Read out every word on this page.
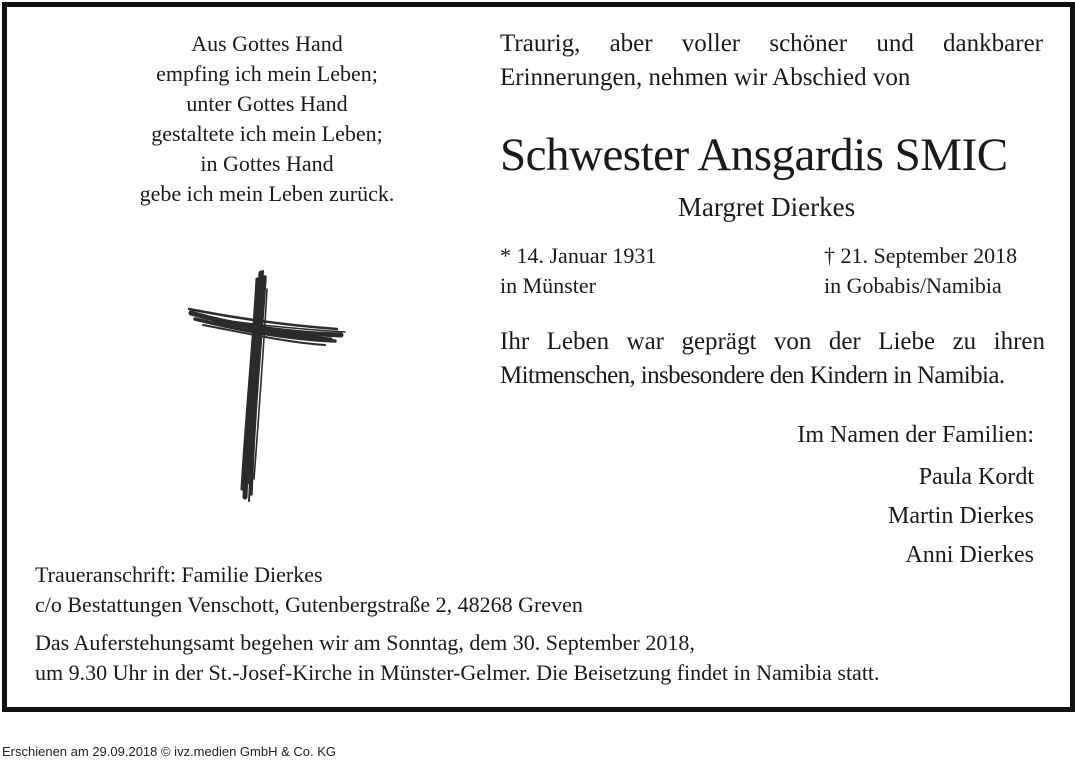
Aus Gottes Hand
empfing ich mein Leben;
unter Gottes Hand
gestaltete ich mein Leben;
in Gottes Hand
gebe ich mein Leben zurück.
Traurig, aber voller schöner und dankbarer
Erinnerungen, nehmen wir Abschied von
Schwester Ansgardis SMIC
Margret Dierkes
* 14. Januar 1931
in Münster
† 21. September 2018
in Gobabis/Namibia
Ihr Leben war geprägt von der Liebe zu ihren
Mitmenschen, insbesondere den Kindern in Namibia.
Im Namen der Familien:
Paula Kordt
Martin Dierkes
Anni Dierkes
Traueranschrift: Familie Dierkes
c/o Bestattungen Venschott, Gutenbergstraße 2, 48268 Greven
Das Auferstehungsamt begehen wir am Sonntag, dem 30. September 2018,
um 9.30 Uhr in der St.-Josef-Kirche in Münster-Gelmer. Die Beisetzung findet in Namibia statt.
Erschienen am 29.09.2018 © ivz.medien GmbH & Co. KG
